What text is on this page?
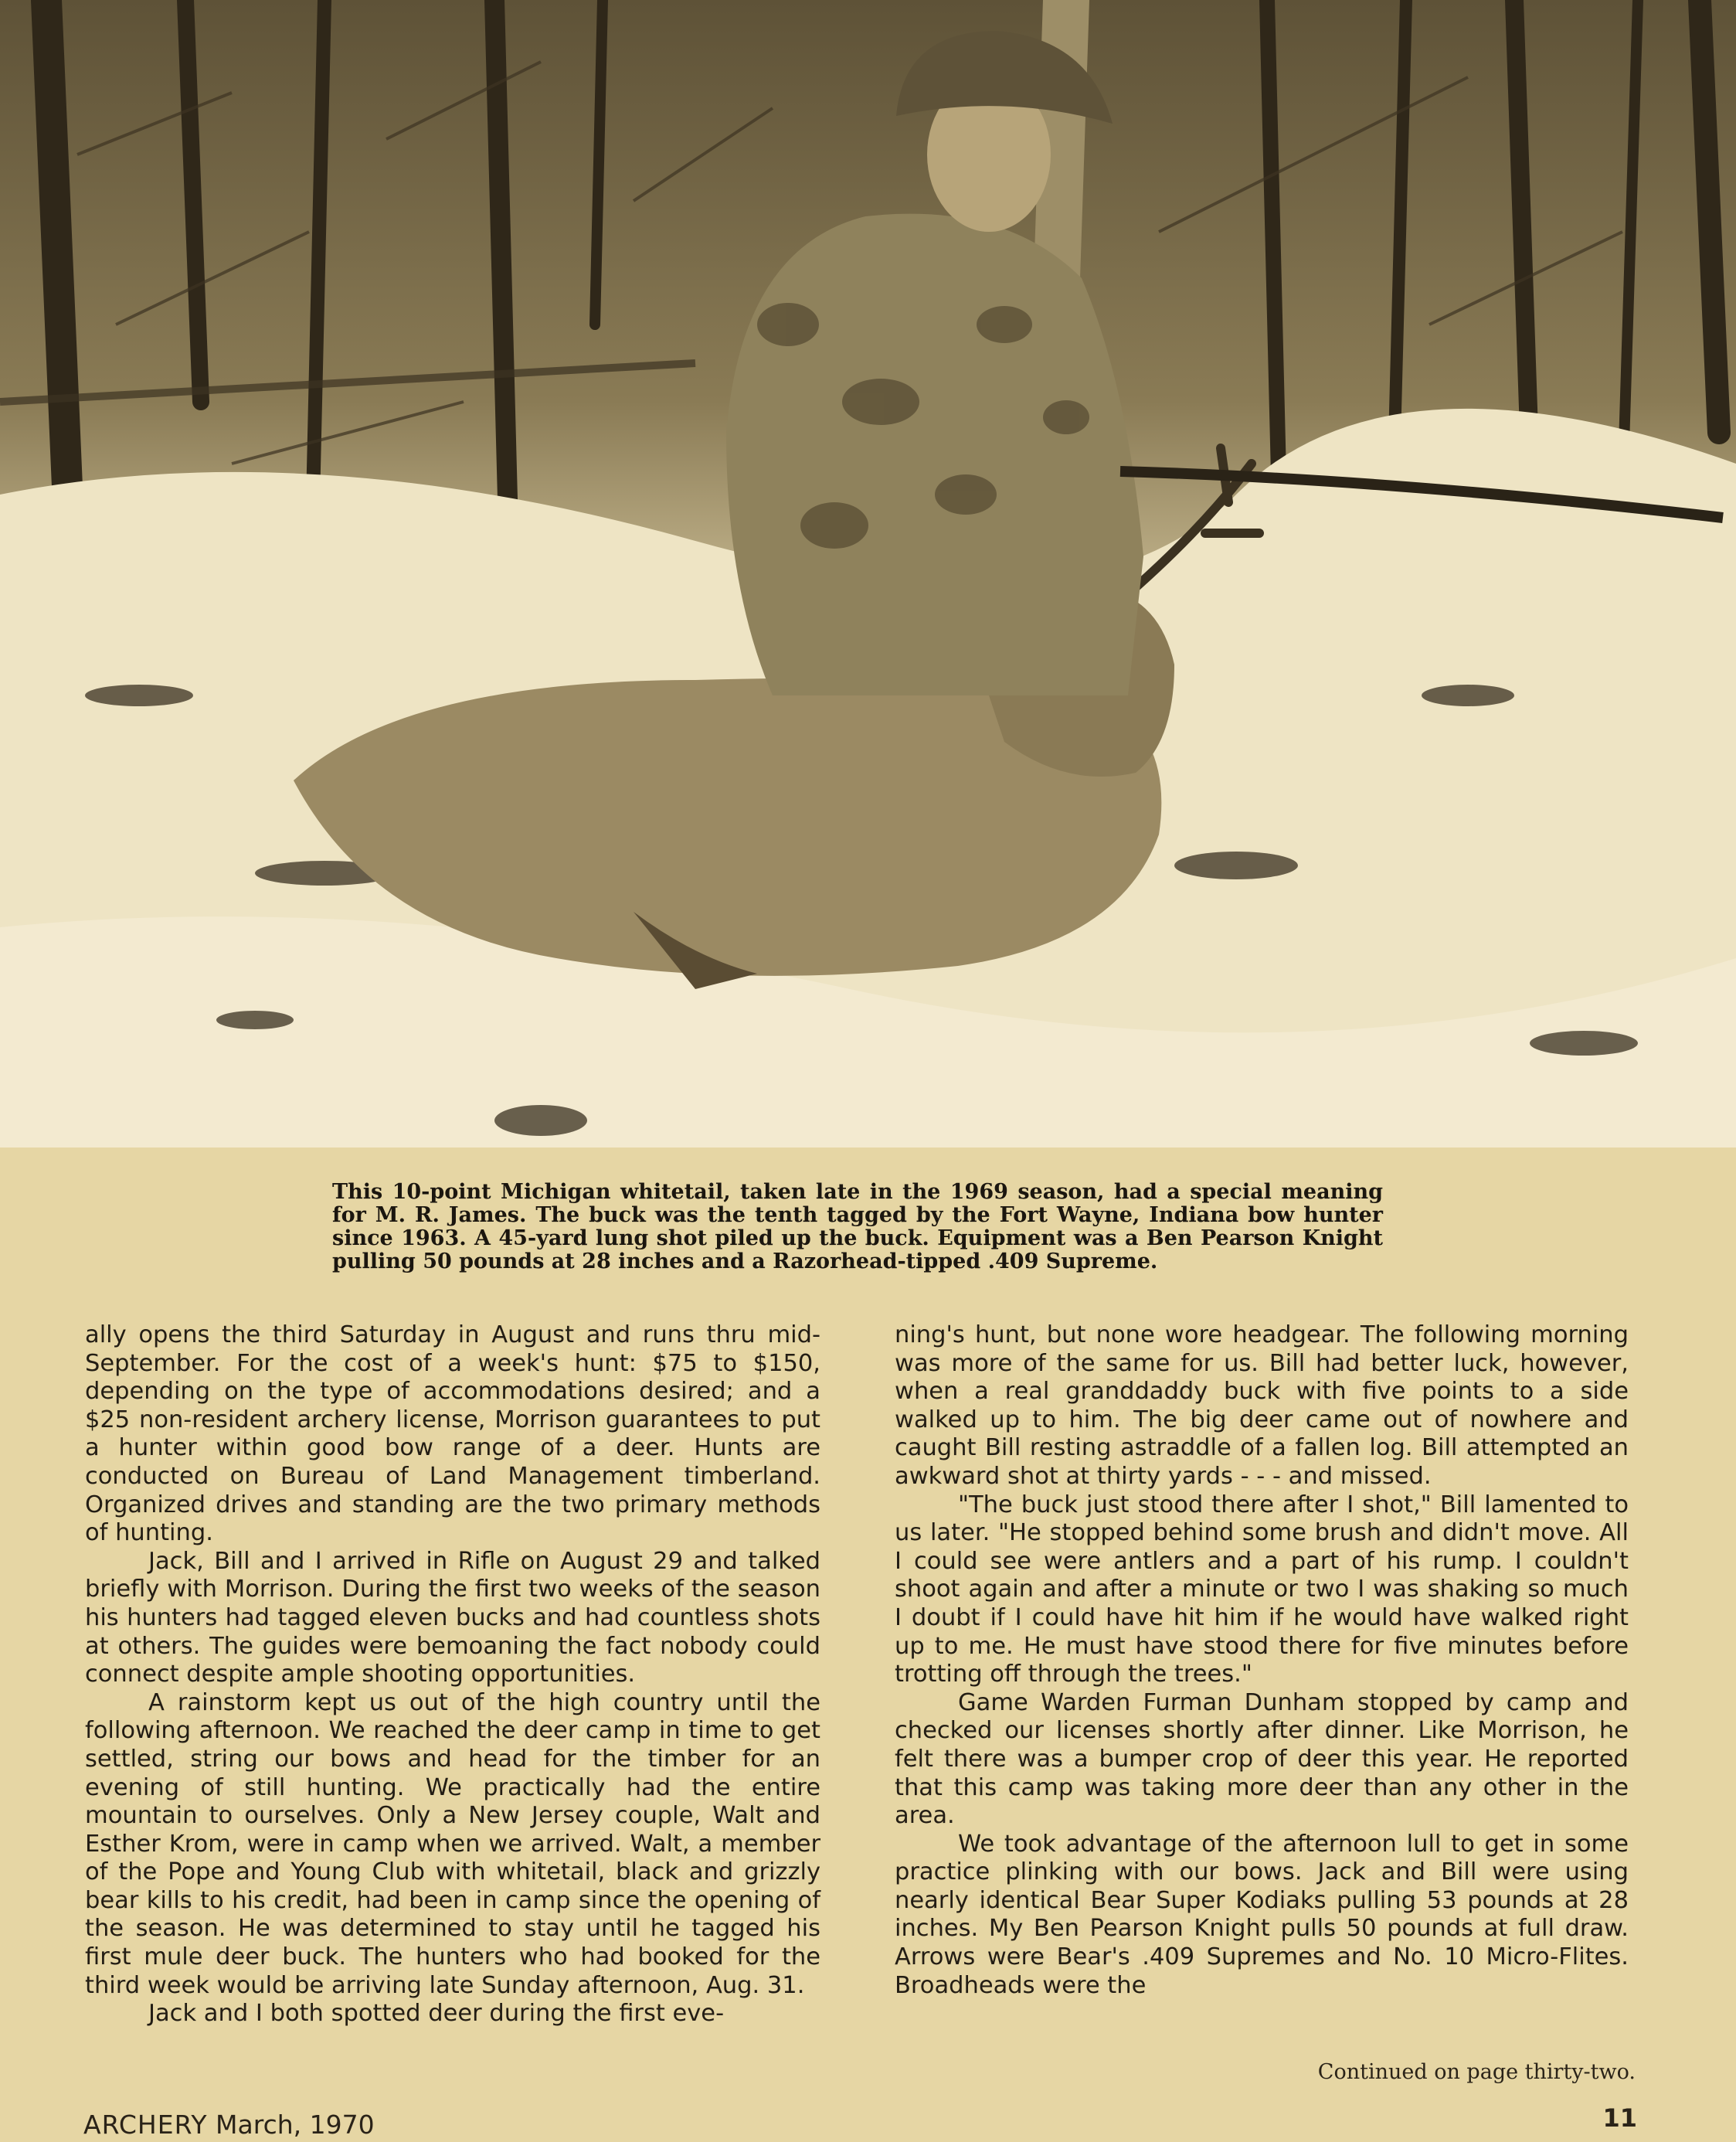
This 10-point Michigan whitetail, taken late in the 1969 season, had a special meaning for M. R. James. The buck was the tenth tagged by the Fort Wayne, Indiana bow hunter since 1963. A 45-yard lung shot piled up the buck. Equipment was a Ben Pearson Knight pulling 50 pounds at 28 inches and a Razorhead-tipped .409 Supreme.

ally opens the third Saturday in August and runs thru mid-September. For the cost of a week's hunt: $75 to $150, depending on the type of accommodations desired; and a $25 non-resident archery license, Morrison guarantees to put a hunter within good bow range of a deer. Hunts are conducted on Bureau of Land Management timberland. Organized drives and standing are the two primary methods of hunting.

Jack, Bill and I arrived in Rifle on August 29 and talked briefly with Morrison. During the first two weeks of the season his hunters had tagged eleven bucks and had countless shots at others. The guides were bemoaning the fact nobody could connect despite ample shooting opportunities.

A rainstorm kept us out of the high country until the following afternoon. We reached the deer camp in time to get settled, string our bows and head for the timber for an evening of still hunting. We practically had the entire mountain to ourselves. Only a New Jersey couple, Walt and Esther Krom, were in camp when we arrived. Walt, a member of the Pope and Young Club with whitetail, black and grizzly bear kills to his credit, had been in camp since the opening of the season. He was determined to stay until he tagged his first mule deer buck. The hunters who had booked for the third week would be arriving late Sunday afternoon, Aug. 31.

Jack and I both spotted deer during the first eve-

ning's hunt, but none wore headgear. The following morning was more of the same for us. Bill had better luck, however, when a real granddaddy buck with five points to a side walked up to him. The big deer came out of nowhere and caught Bill resting astraddle of a fallen log. Bill attempted an awkward shot at thirty yards - - - and missed.

"The buck just stood there after I shot," Bill lamented to us later. "He stopped behind some brush and didn't move. All I could see were antlers and a part of his rump. I couldn't shoot again and after a minute or two I was shaking so much I doubt if I could have hit him if he would have walked right up to me. He must have stood there for five minutes before trotting off through the trees."

Game Warden Furman Dunham stopped by camp and checked our licenses shortly after dinner. Like Morrison, he felt there was a bumper crop of deer this year. He reported that this camp was taking more deer than any other in the area.

We took advantage of the afternoon lull to get in some practice plinking with our bows. Jack and Bill were using nearly identical Bear Super Kodiaks pulling 53 pounds at 28 inches. My Ben Pearson Knight pulls 50 pounds at full draw. Arrows were Bear's .409 Supremes and No. 10 Micro-Flites. Broadheads were the

Continued on page thirty-two.
ARCHERY March, 1970	11
